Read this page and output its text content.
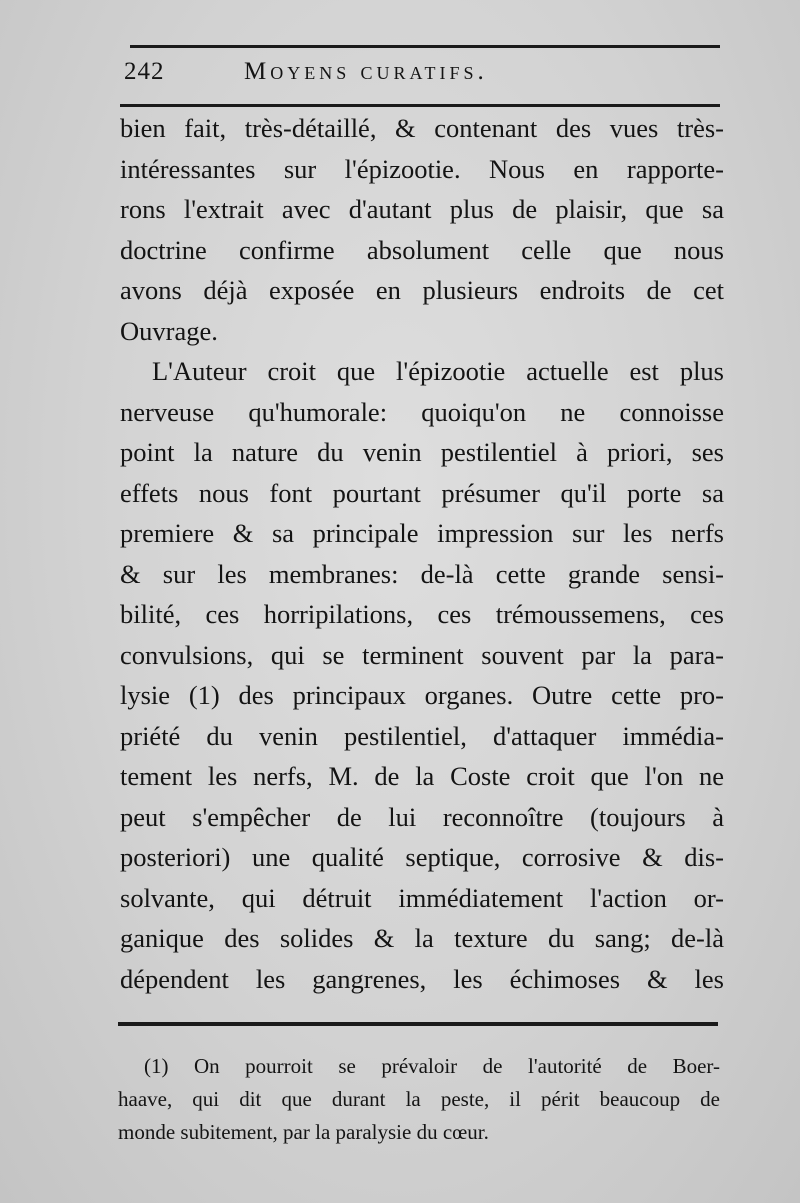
242	Moyens curatifs.
bien fait, très-détaillé, & contenant des vues très-
intéressantes sur l'épizootie. Nous en rapporte-
rons l'extrait avec d'autant plus de plaisir, que sa
doctrine confirme absolument celle que nous
avons déjà exposée en plusieurs endroits de cet
Ouvrage.
L'Auteur croit que l'épizootie actuelle est plus
nerveuse qu'humorale: quoiqu'on ne connoisse
point la nature du venin pestilentiel à priori, ses
effets nous font pourtant présumer qu'il porte sa
premiere & sa principale impression sur les nerfs
& sur les membranes: de-là cette grande sensi-
bilité, ces horripilations, ces trémoussemens, ces
convulsions, qui se terminent souvent par la para-
lysie (1) des principaux organes. Outre cette pro-
priété du venin pestilentiel, d'attaquer immédia-
tement les nerfs, M. de la Coste croit que l'on ne
peut s'empêcher de lui reconnoître (toujours à
posteriori) une qualité septique, corrosive & dis-
solvante, qui détruit immédiatement l'action or-
ganique des solides & la texture du sang; de-là
dépendent les gangrenes, les échimoses & les
(1) On pourroit se prévaloir de l'autorité de Boer-
haave, qui dit que durant la peste, il périt beaucoup de
monde subitement, par la paralysie du cœur.
